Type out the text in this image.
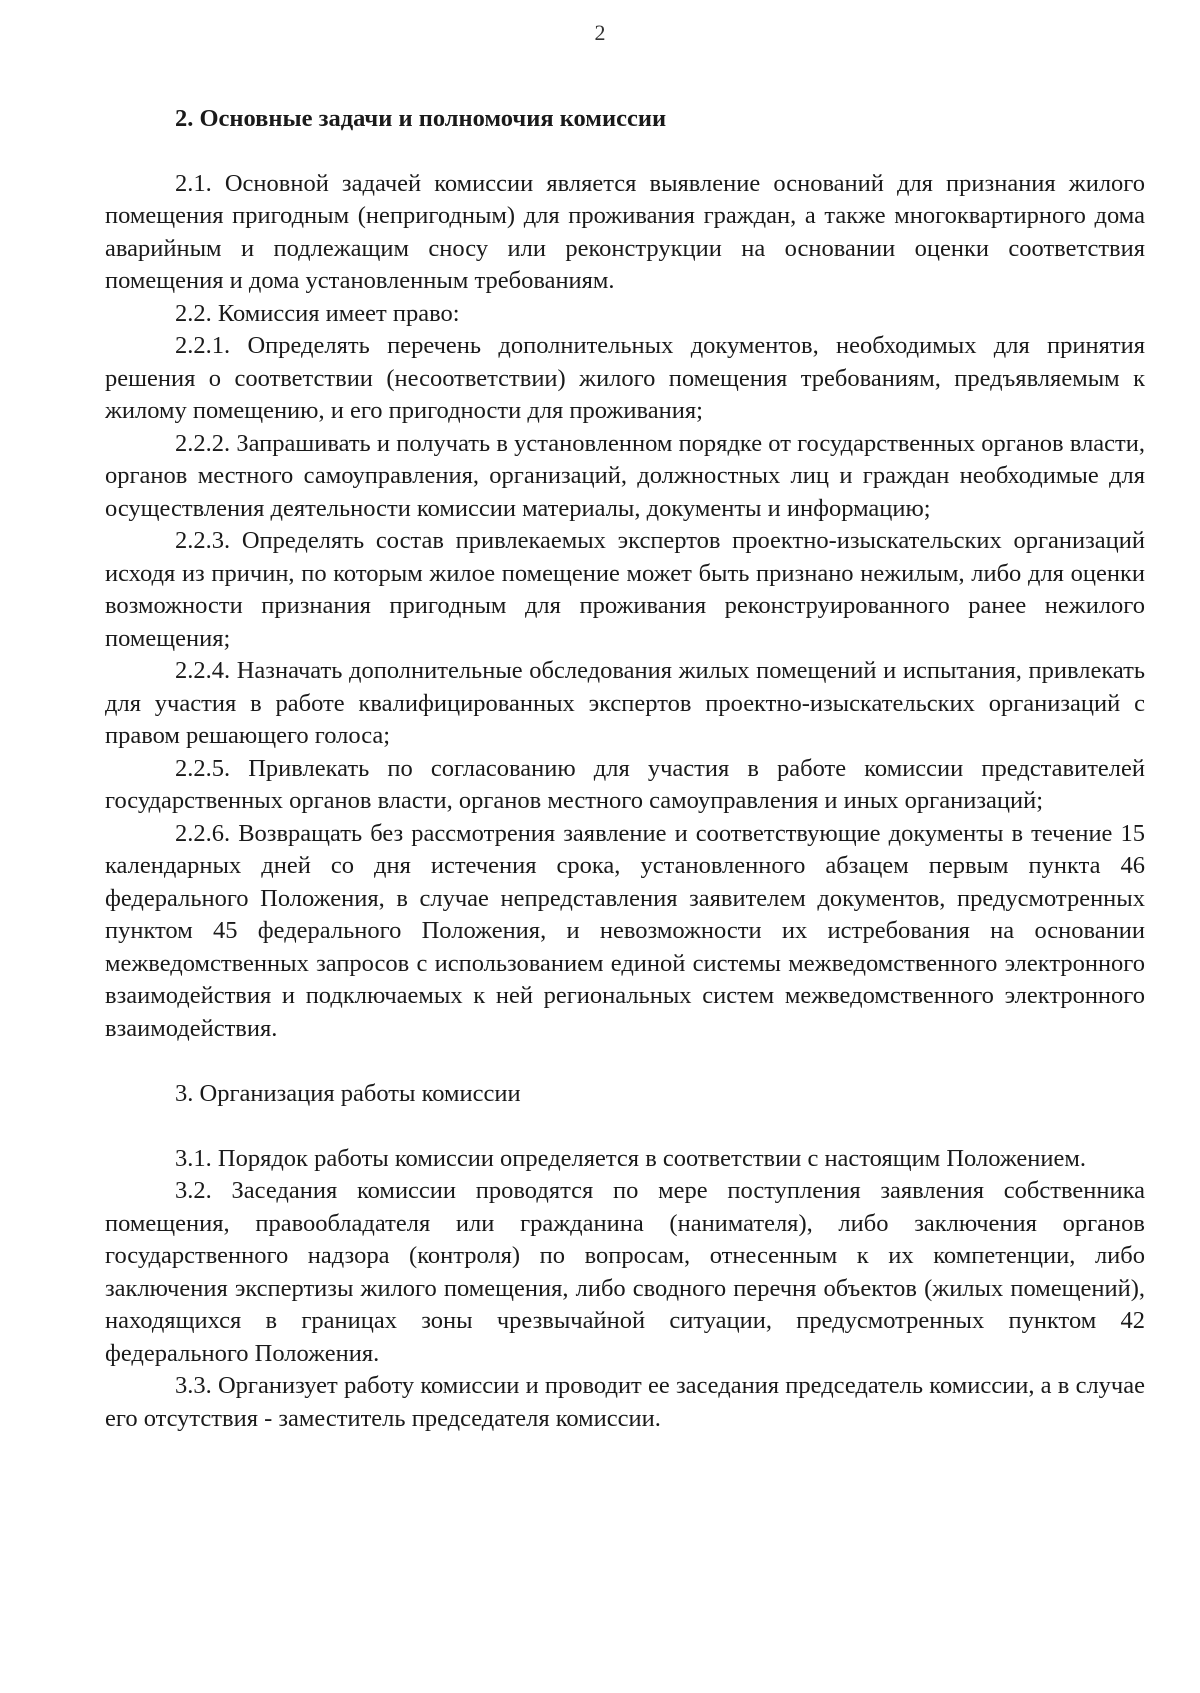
2
2. Основные задачи и полномочия комиссии

2.1. Основной задачей комиссии является выявление оснований для признания жилого помещения пригодным (непригодным) для проживания граждан, а также многоквартирного дома аварийным и подлежащим сносу или реконструкции на основании оценки соответствия помещения и дома установленным требованиям.

2.2. Комиссия имеет право:

2.2.1. Определять перечень дополнительных документов, необходимых для принятия решения о соответствии (несоответствии) жилого помещения требованиям, предъявляемым к жилому помещению, и его пригодности для проживания;

2.2.2. Запрашивать и получать в установленном порядке от государственных органов власти, органов местного самоуправления, организаций, должностных лиц и граждан необходимые для осуществления деятельности комиссии материалы, документы и информацию;

2.2.3. Определять состав привлекаемых экспертов проектно-изыскательских организаций исходя из причин, по которым жилое помещение может быть признано нежилым, либо для оценки возможности признания пригодным для проживания реконструированного ранее нежилого помещения;

2.2.4. Назначать дополнительные обследования жилых помещений и испытания, привлекать для участия в работе квалифицированных экспертов проектно-изыскательских организаций с правом решающего голоса;

2.2.5. Привлекать по согласованию для участия в работе комиссии представителей государственных органов власти, органов местного самоуправления и иных организаций;

2.2.6. Возвращать без рассмотрения заявление и соответствующие документы в течение 15 календарных дней со дня истечения срока, установленного абзацем первым пункта 46 федерального Положения, в случае непредставления заявителем документов, предусмотренных пунктом 45 федерального Положения, и невозможности их истребования на основании межведомственных запросов с использованием единой системы межведомственного электронного взаимодействия и подключаемых к ней региональных систем межведомственного электронного взаимодействия.

3. Организация работы комиссии

3.1. Порядок работы комиссии определяется в соответствии с настоящим Положением.

3.2. Заседания комиссии проводятся по мере поступления заявления собственника помещения, правообладателя или гражданина (нанимателя), либо заключения органов государственного надзора (контроля) по вопросам, отнесенным к их компетенции, либо заключения экспертизы жилого помещения, либо сводного перечня объектов (жилых помещений), находящихся в границах зоны чрезвычайной ситуации, предусмотренных пунктом 42 федерального Положения.

3.3. Организует работу комиссии и проводит ее заседания председатель комиссии, а в случае его отсутствия - заместитель председателя комиссии.
